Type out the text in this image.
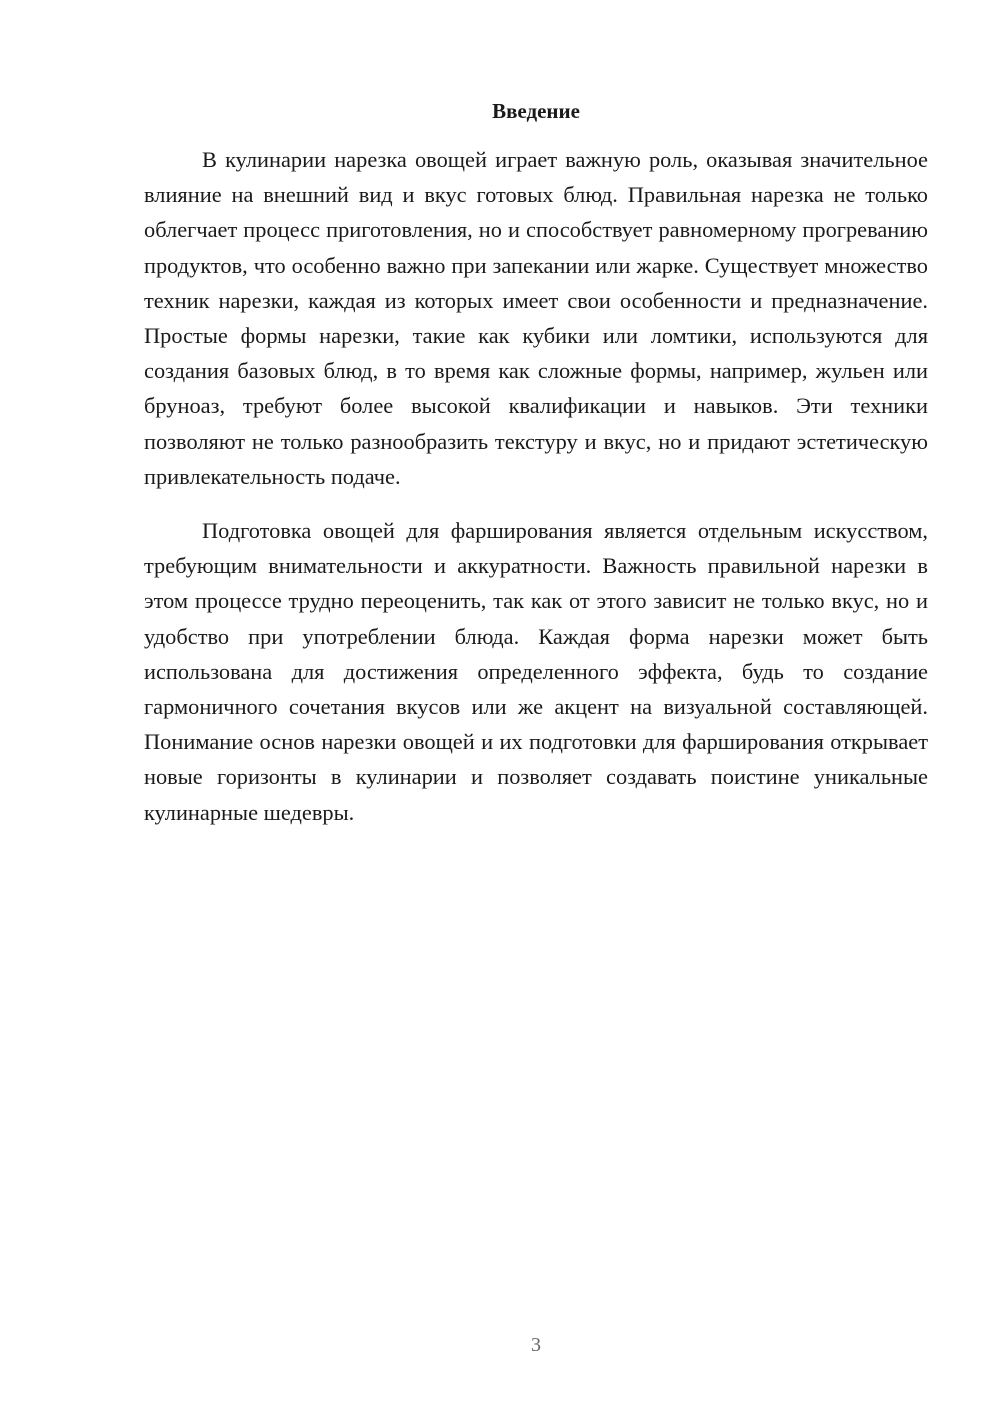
Введение

В кулинарии нарезка овощей играет важную роль, оказывая значительное влияние на внешний вид и вкус готовых блюд. Правильная нарезка не только облегчает процесс приготовления, но и способствует равномерному прогреванию продуктов, что особенно важно при запекании или жарке. Существует множество техник нарезки, каждая из которых имеет свои особенности и предназначение. Простые формы нарезки, такие как кубики или ломтики, используются для создания базовых блюд, в то время как сложные формы, например, жульен или бруноаз, требуют более высокой квалификации и навыков. Эти техники позволяют не только разнообразить текстуру и вкус, но и придают эстетическую привлекательность подаче.

Подготовка овощей для фарширования является отдельным искусством, требующим внимательности и аккуратности. Важность правильной нарезки в этом процессе трудно переоценить, так как от этого зависит не только вкус, но и удобство при употреблении блюда. Каждая форма нарезки может быть использована для достижения определенного эффекта, будь то создание гармоничного сочетания вкусов или же акцент на визуальной составляющей. Понимание основ нарезки овощей и их подготовки для фарширования открывает новые горизонты в кулинарии и позволяет создавать поистине уникальные кулинарные шедевры.

3
